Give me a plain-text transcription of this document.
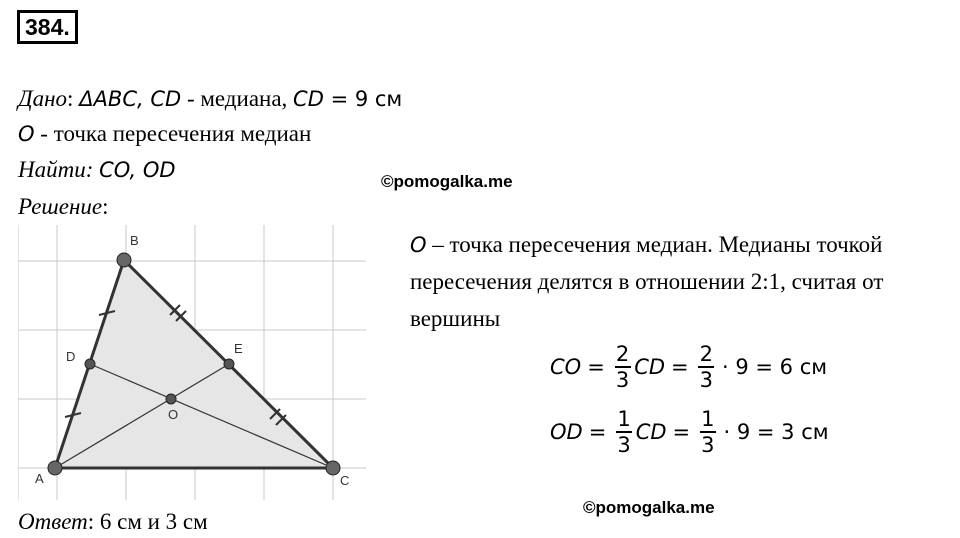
384.
Дано: ΔABC, CD - медиана, CD = 9 см
O - точка пересечения медиан
Найти: CO, OD	©pomogalka.me
Решение:
A
B
C
D
E
O
O – точка пересечения медиан. Медианы точкой
пересечения делятся в отношении 2:1, считая от
вершины
CO = $\frac{2}{3}$ CD = $\frac{2}{3} \cdot 9 = 6$ см
OD = $\frac{1}{3}$ CD = $\frac{1}{3} \cdot 9 = 3$ см
©pomogalka.me
Ответ: 6 см и 3 см
